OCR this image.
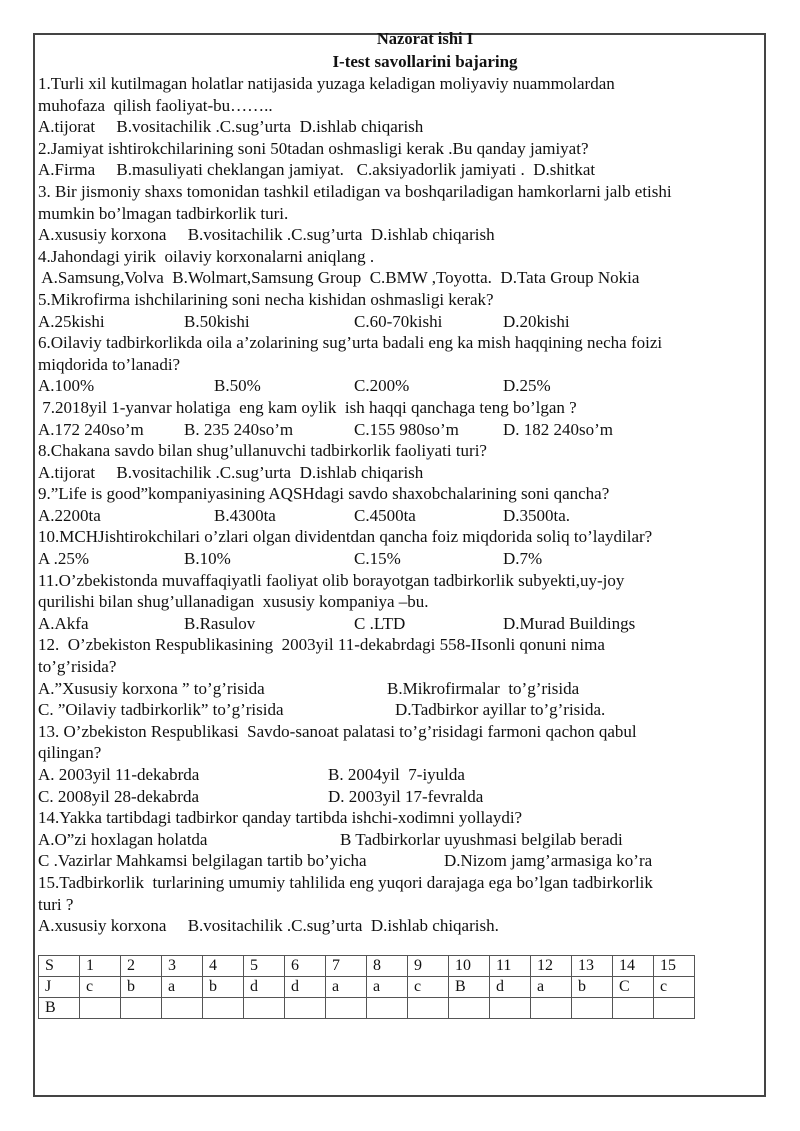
Nazorat ishi I
I-test savollarini bajaring
1.Turli xil kutilmagan holatlar natijasida yuzaga keladigan moliyaviy nuammolardan
muhofaza  qilish faoliyat-bu……..
A.tijorat     B.vositachilik .C.sug’urta  D.ishlab chiqarish
2.Jamiyat ishtirokchilarining soni 50tadan oshmasligi kerak .Bu qanday jamiyat?
A.Firma     B.masuliyati cheklangan jamiyat.   C.aksiyadorlik jamiyati .  D.shitkat
3. Bir jismoniy shaxs tomonidan tashkil etiladigan va boshqariladigan hamkorlarni jalb etishi
mumkin bo’lmagan tadbirkorlik turi.
A.xususiy korxona     B.vositachilik .C.sug’urta  D.ishlab chiqarish
4.Jahondagi yirik  oilaviy korxonalarni aniqlang .
A.Samsung,Volva  B.Wolmart,Samsung Group  C.BMW ,Toyotta.  D.Tata Group Nokia
5.Mikrofirma ishchilarining soni necha kishidan oshmasligi kerak?
A.25kishi	B.50kishi	C.60-70kishi	D.20kishi
6.Oilaviy tadbirkorlikda oila a’zolarining sug’urta badali eng ka mish haqqining necha foizi
miqdorida to’lanadi?
A.100%	B.50%	C.200%	D.25%
7.2018yil 1-yanvar holatiga  eng kam oylik  ish haqqi qanchaga teng bo’lgan ?
A.172 240so’m B. 235 240so’m	C.155 980so’m	D. 182 240so’m
8.Chakana savdo bilan shug’ullanuvchi tadbirkorlik faoliyati turi?
A.tijorat     B.vositachilik .C.sug’urta  D.ishlab chiqarish
9.”Life is good”kompaniyasining AQSHdagi savdo shaxobchalarining soni qancha?
A.2200ta	B.4300ta	C.4500ta	D.3500ta.
10.MCHJishtirokchilari o’zlari olgan dividentdan qancha foiz miqdorida soliq to’laydilar?
A .25%	B.10%	C.15%	D.7%
11.O’zbekistonda muvaffaqiyatli faoliyat olib borayotgan tadbirkorlik subyekti,uy-joy
qurilishi bilan shug’ullanadigan  xususiy kompaniya –bu.
A.Akfa	B.Rasulov	C .LTD	D.Murad Buildings
12.  O’zbekiston Respublikasining  2003yil 11-dekabrdagi 558-IIsonli qonuni nima
to’g’risida?
A.”Xususiy korxona ” to’g’risida	B.Mikrofirmalar  to’g’risida
C. ”Oilaviy tadbirkorlik” to’g’risida	D.Tadbirkor ayillar to’g’risida.
13. O’zbekiston Respublikasi  Savdo-sanoat palatasi to’g’risidagi farmoni qachon qabul
qilingan?
A. 2003yil 11-dekabrda	B. 2004yil  7-iyulda
C. 2008yil 28-dekabrda	D. 2003yil 17-fevralda
14.Yakka tartibdagi tadbirkor qanday tartibda ishchi-xodimni yollaydi?
A.O”zi hoxlagan holatda	B Tadbirkorlar uyushmasi belgilab beradi
C .Vazirlar Mahkamsi belgilagan tartib bo’yicha	D.Nizom jamg’armasiga ko’ra
15.Tadbirkorlik  turlarining umumiy tahlilida eng yuqori darajaga ega bo’lgan tadbirkorlik
turi ?
A.xususiy korxona     B.vositachilik .C.sug’urta  D.ishlab chiqarish.
S	1	2	3	4	5	6	7	8	9	10	11	12	13	14	15
J	c	b	a	b	d	d	a	a	c	B	d	a	b	C	c
B															
